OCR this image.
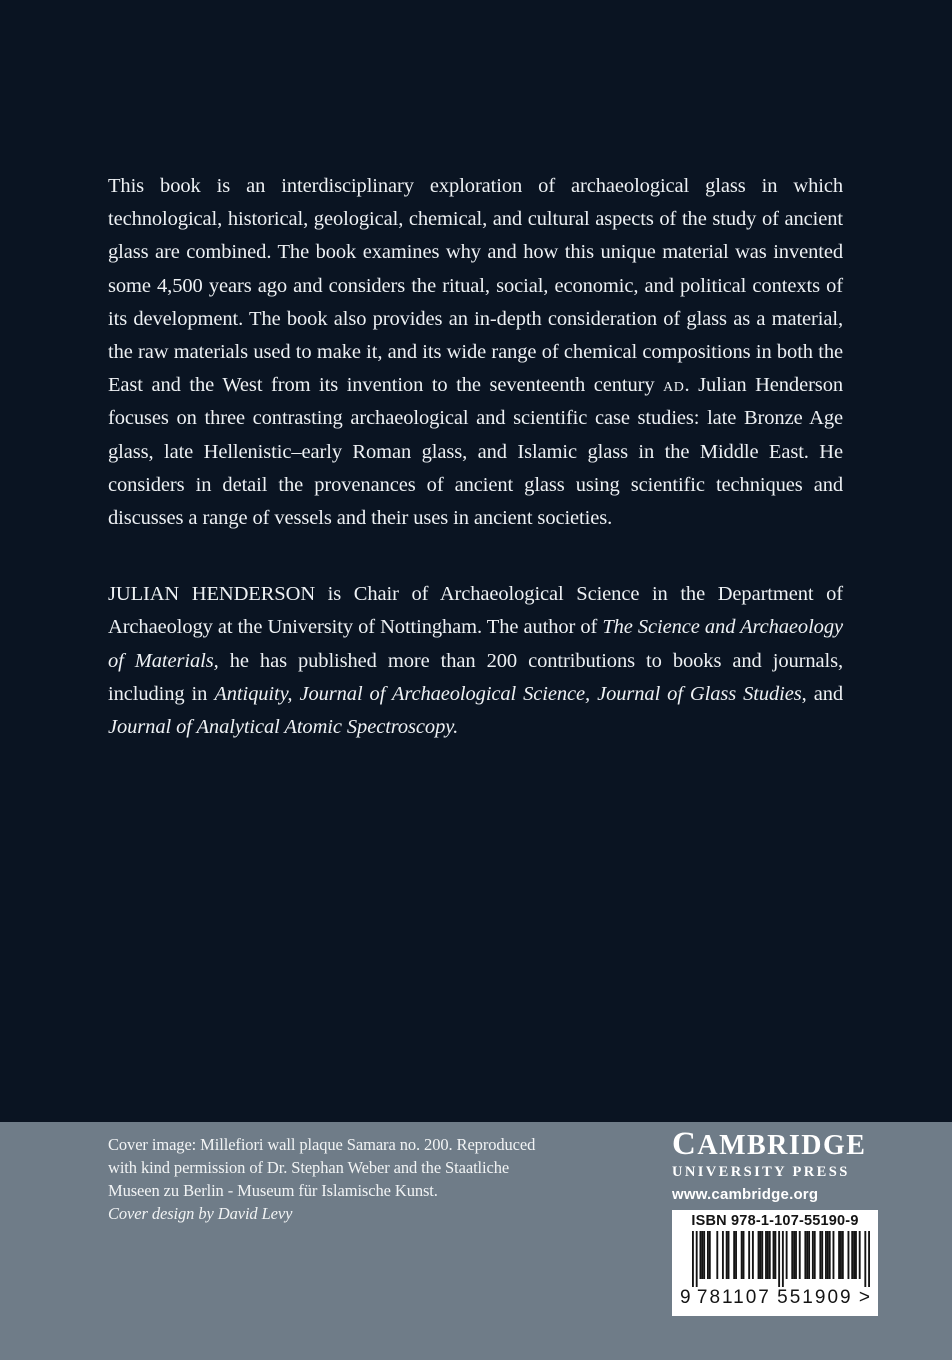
This book is an interdisciplinary exploration of archaeological glass in which technological, historical, geological, chemical, and cultural aspects of the study of ancient glass are combined. The book examines why and how this unique material was invented some 4,500 years ago and considers the ritual, social, economic, and political contexts of its development. The book also provides an in-depth consideration of glass as a material, the raw materials used to make it, and its wide range of chemical compositions in both the East and the West from its invention to the seventeenth century ad. Julian Henderson focuses on three contrasting archaeological and scientific case studies: late Bronze Age glass, late Hellenistic–early Roman glass, and Islamic glass in the Middle East. He considers in detail the provenances of ancient glass using scientific techniques and discusses a range of vessels and their uses in ancient societies.

JULIAN HENDERSON is Chair of Archaeological Science in the Department of Archaeology at the University of Nottingham. The author of The Science and Archaeology of Materials, he has published more than 200 contributions to books and journals, including in Antiquity, Journal of Archaeological Science, Journal of Glass Studies, and Journal of Analytical Atomic Spectroscopy.

Cover image: Millefiori wall plaque Samara no. 200. Reproduced
with kind permission of Dr. Stephan Weber and the Staatliche
Museen zu Berlin - Museum für Islamische Kunst.
Cover design by David Levy
CAMBRIDGE
UNIVERSITY PRESS
www.cambridge.org
ISBN 978-1-107-55190-9
9 781107 551909 >
